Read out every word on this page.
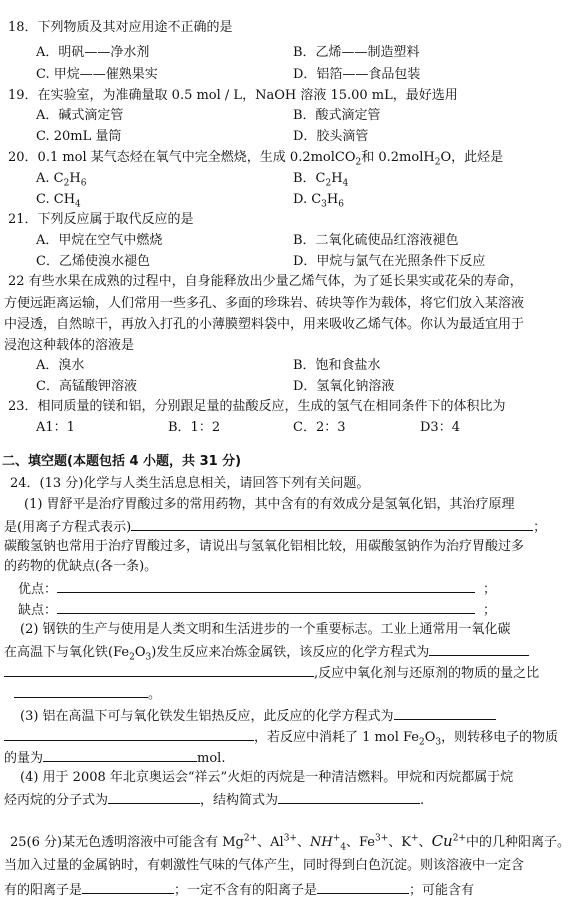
18．下列物质及其对应用途不正确的是
A．明矾——净水剂	B．乙烯——制造塑料
C. 甲烷——催熟果实	D．铝箔——食品包装
19．在实验室，为准确量取 0.5 mol / L，NaOH 溶液 15.00 mL，最好选用
A．碱式滴定管	B．酸式滴定管
C. 20mL 量筒	D．胶头滴管
20．0.1 mol 某气态烃在氧气中完全燃烧，生成 0.2molCO$_2$和 0.2molH$_2$O，此烃是
A. $C_2H_6$	B．$C_2H_4$
C. $CH_4$	D. $C_3H_6$
21．下列反应属于取代反应的是
A．甲烷在空气中燃烧	B．二氧化硫使品红溶液褪色
C．乙烯使溴水褪色	D．甲烷与氯气在光照条件下反应
22 有些水果在成熟的过程中，自身能释放出少量乙烯气体，为了延长果实或花朵的寿命，
方便远距离运输，人们常用一些多孔、多面的珍珠岩、砖块等作为载体，将它们放入某溶液
中浸透，自然晾干，再放入打孔的小薄膜塑料袋中，用来吸收乙烯气体。你认为最适宜用于
浸泡这种载体的溶液是
A．溴水	B．饱和食盐水
C．高锰酸钾溶液	D．氢氧化钠溶液
23．相同质量的镁和铝，分别跟足量的盐酸反应，生成的氢气在相同条件下的体积比为
A1：1	B．1：2	C．2：3	D3：4
二、填空题(本题包括 4 小题，共 31 分)
24．(13 分)化学与人类生活息息相关，请回答下列有关问题。
(1) 胃舒平是治疗胃酸过多的常用药物，其中含有的有效成分是氢氧化铝，其治疗原理
是(用离子方程式表示)	；
碳酸氢钠也常用于治疗胃酸过多，请说出与氢氧化铝相比较，用碳酸氢钠作为治疗胃酸过多
的药物的优缺点(各一条)。
优点：	；
缺点：	；
(2) 钢铁的生产与使用是人类文明和生活进步的一个重要标志。工业上通常用一氧化碳
在高温下与氧化铁$(Fe_2O_3)$发生反应来冶炼金属铁，该反应的化学方程式为
,反应中氧化剂与还原剂的物质的量之比
。
(3) 铝在高温下可与氧化铁发生铝热反应，此反应的化学方程式为
，若反应中消耗了 1 mol $Fe_2O_3$，则转移电子的物质
的量为	mol.
(4) 用于 2008 年北京奥运会“祥云”火炬的丙烷是一种清洁燃料。甲烷和丙烷都属于烷
烃丙烷的分子式为	，结构简式为	.
25(6 分)某无色透明溶液中可能含有 $Mg^{2+}$、$Al^{3+}$、$NH^+_4$、$Fe^{3+}$、K+、$Cu^{2+}$中的几种阳离子。
当加入过量的金属钠时，有刺激性气味的气体产生，同时得到白色沉淀。则该溶液中一定含
有的阳离子是	；一定不含有的阳离子是	；可能含有
